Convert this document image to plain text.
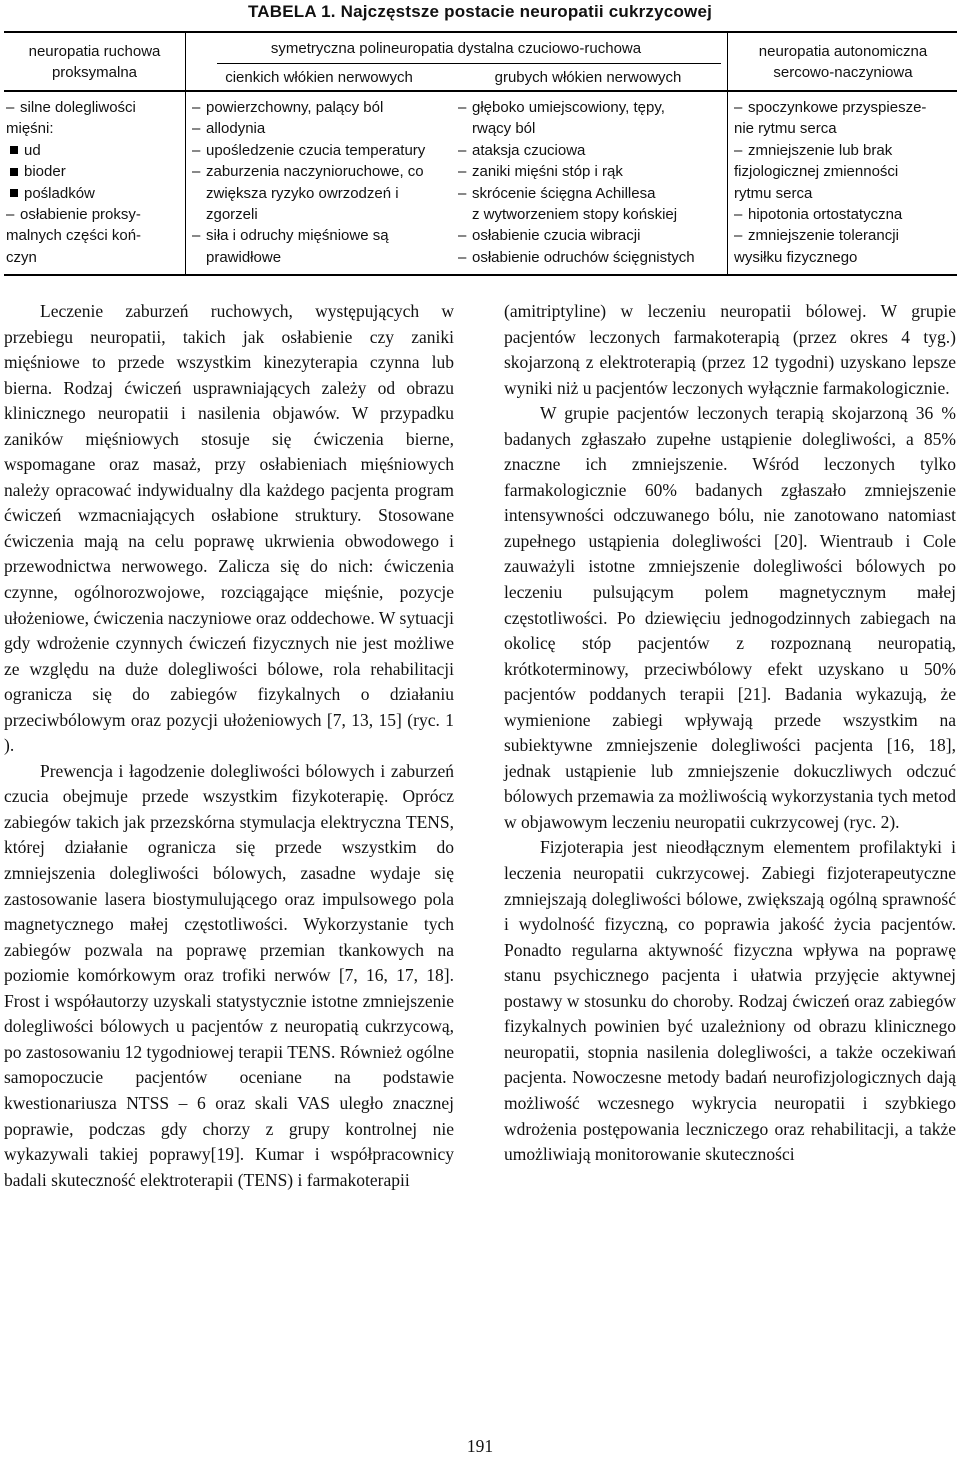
TABELA 1. Najczęstsze postacie neuropatii cukrzycowej
neuropatia ruchowa
proksymalna
symetryczna polineuropatia dystalna czuciowo-ruchowa
cienkich włókien nerwowych	grubych włókien nerwowych
neuropatia autonomiczna
sercowo-naczyniowa
– silne dolegliwości
mięśni:
ud
bioder
pośladków
– osłabienie proksy-
malnych części koń-
czyn
– powierzchowny, palący ból
– allodynia
– upośledzenie czucia temperatury
– zaburzenia naczynioruchowe, co
zwiększa ryzyko owrzodzeń i
zgorzeli
– siła i odruchy mięśniowe są
prawidłowe
– głęboko umiejscowiony, tępy,
rwący ból
– ataksja czuciowa
– zaniki mięśni stóp i rąk
– skrócenie ścięgna Achillesa
z wytworzeniem stopy końskiej
– osłabienie czucia wibracji
– osłabienie odruchów ścięgnistych
– spoczynkowe przyspiesze-
nie rytmu serca
– zmniejszenie lub brak
fizjologicznej zmienności
rytmu serca
– hipotonia ortostatyczna
– zmniejszenie tolerancji
wysiłku fizycznego

Leczenie zaburzeń ruchowych, występujących w przebiegu neuropatii, takich jak osłabienie czy zaniki mięśniowe to przede wszystkim kinezyterapia czynna lub bierna. Rodzaj ćwiczeń usprawniających zależy od obrazu klinicznego neuropatii i nasilenia objawów. W przypadku zaników mięśniowych stosuje się ćwiczenia bierne, wspomagane oraz masaż, przy osłabieniach mięśniowych należy opracować indywidualny dla każdego pacjenta program ćwiczeń wzmacniających osłabione struktury. Stosowane ćwiczenia mają na celu poprawę ukrwienia obwodowego i przewodnictwa nerwowego. Zalicza się do nich: ćwiczenia czynne, ogólnorozwojowe, rozciągające mięśnie, pozycje ułożeniowe, ćwiczenia naczyniowe oraz oddechowe. W sytuacji gdy wdrożenie czynnych ćwiczeń fizycznych nie jest możliwe ze względu na duże dolegliwości bólowe, rola rehabilitacji ogranicza się do zabiegów fizykalnych o działaniu przeciwbólowym oraz pozycji ułożeniowych [7, 13, 15] (ryc. 1 ).

Prewencja i łagodzenie dolegliwości bólowych i zaburzeń czucia obejmuje przede wszystkim fizykoterapię. Oprócz zabiegów takich jak przezskórna stymulacja elektryczna TENS, której działanie ogranicza się przede wszystkim do zmniejszenia dolegliwości bólowych, zasadne wydaje się zastosowanie lasera biostymulującego oraz impulsowego pola magnetycznego małej częstotliwości. Wykorzystanie tych zabiegów pozwala na poprawę przemian tkankowych na poziomie komórkowym oraz trofiki nerwów [7, 16, 17, 18]. Frost i współautorzy uzyskali statystycznie istotne zmniejszenie dolegliwości bólowych u pacjentów z neuropatią cukrzycową, po zastosowaniu 12 tygodniowej terapii TENS. Również ogólne samopoczucie pacjentów oceniane na podstawie kwestionariusza NTSS – 6 oraz skali VAS uległo znacznej poprawie, podczas gdy chorzy z grupy kontrolnej nie wykazywali takiej poprawy[19]. Kumar i współpracownicy badali skuteczność elektroterapii (TENS) i farmakoterapii

(amitriptyline) w leczeniu neuropatii bólowej. W grupie pacjentów leczonych farmakoterapią (przez okres 4 tyg.) skojarzoną z elektroterapią (przez 12 tygodni) uzyskano lepsze wyniki niż u pacjentów leczonych wyłącznie farmakologicznie.

W grupie pacjentów leczonych terapią skojarzoną 36 % badanych zgłaszało zupełne ustąpienie dolegliwości, a 85% znaczne ich zmniejszenie. Wśród leczonych tylko farmakologicznie 60% badanych zgłaszało zmniejszenie intensywności odczuwanego bólu, nie zanotowano natomiast zupełnego ustąpienia dolegliwości [20]. Wientraub i Cole zauważyli istotne zmniejszenie dolegliwości bólowych po leczeniu pulsującym polem magnetycznym małej częstotliwości. Po dziewięciu jednogodzinnych zabiegach na okolicę stóp pacjentów z rozpoznaną neuropatią, krótkoterminowy, przeciwbólowy efekt uzyskano u 50% pacjentów poddanych terapii [21]. Badania wykazują, że wymienione zabiegi wpływają przede wszystkim na subiektywne zmniejszenie dolegliwości pacjenta [16, 18], jednak ustąpienie lub zmniejszenie dokuczliwych odczuć bólowych przemawia za możliwością wykorzystania tych metod w objawowym leczeniu neuropatii cukrzycowej (ryc. 2).

Fizjoterapia jest nieodłącznym elementem profilaktyki i leczenia neuropatii cukrzycowej. Zabiegi fizjoterapeutyczne zmniejszają dolegliwości bólowe, zwiększają ogólną sprawność i wydolność fizyczną, co poprawia jakość życia pacjentów. Ponadto regularna aktywność fizyczna wpływa na poprawę stanu psychicznego pacjenta i ułatwia przyjęcie aktywnej postawy w stosunku do choroby. Rodzaj ćwiczeń oraz zabiegów fizykalnych powinien być uzależniony od obrazu klinicznego neuropatii, stopnia nasilenia dolegliwości, a także oczekiwań pacjenta. Nowoczesne metody badań neurofizjologicznych dają możliwość wczesnego wykrycia neuropatii i szybkiego wdrożenia postępowania leczniczego oraz rehabilitacji, a także umożliwiają monitorowanie skuteczności

191
